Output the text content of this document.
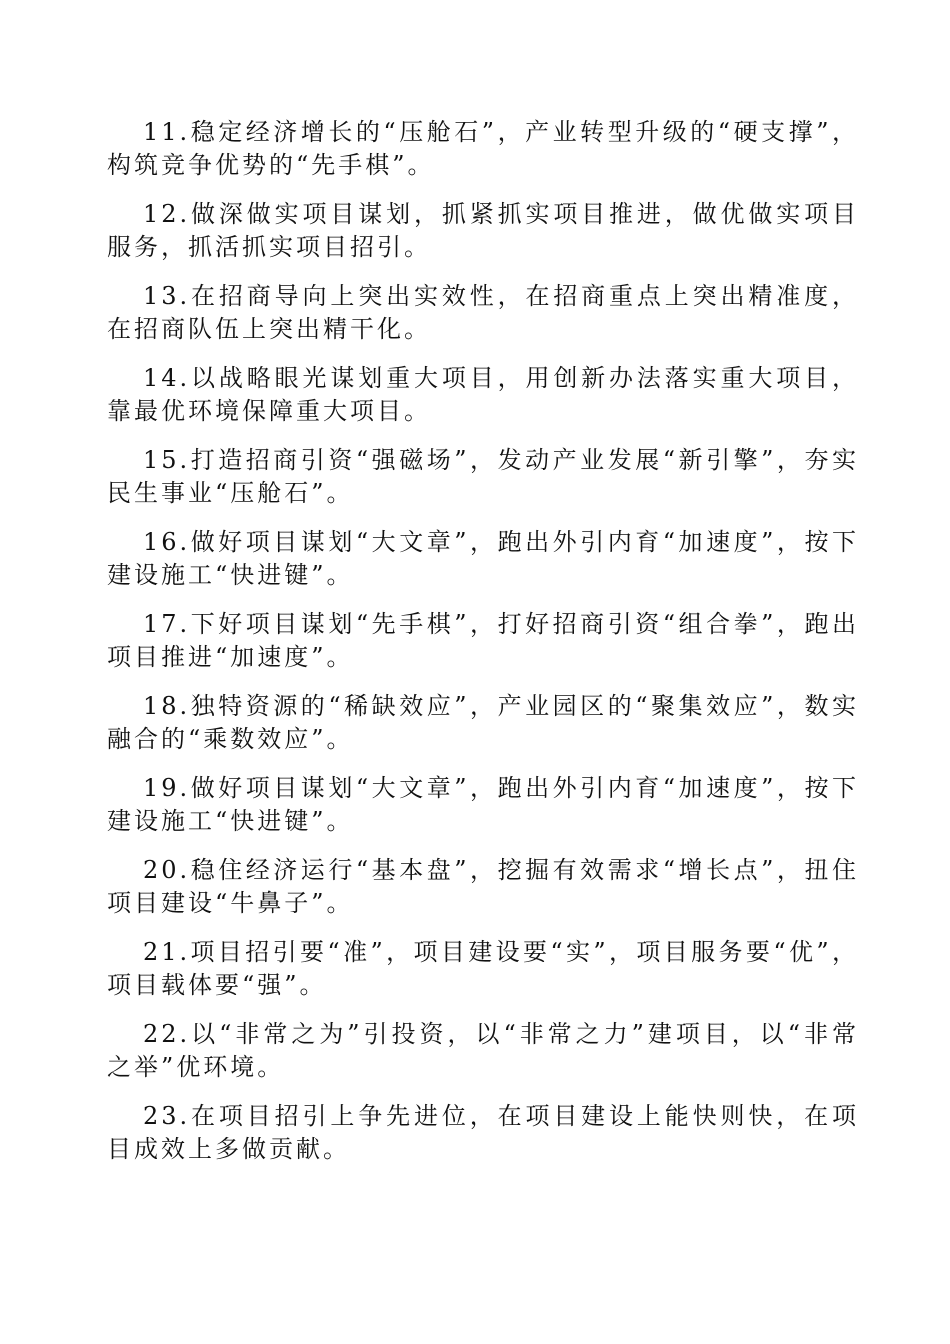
11.稳定经济增长的“压舱石”，产业转型升级的“硬支撑”，构筑竞争优势的“先手棋”。

12.做深做实项目谋划，抓紧抓实项目推进，做优做实项目服务，抓活抓实项目招引。

13.在招商导向上突出实效性，在招商重点上突出精准度，在招商队伍上突出精干化。

14.以战略眼光谋划重大项目，用创新办法落实重大项目，靠最优环境保障重大项目。

15.打造招商引资“强磁场”，发动产业发展“新引擎”，夯实民生事业“压舱石”。

16.做好项目谋划“大文章”，跑出外引内育“加速度”，按下建设施工“快进键”。

17.下好项目谋划“先手棋”，打好招商引资“组合拳”，跑出项目推进“加速度”。

18.独特资源的“稀缺效应”，产业园区的“聚集效应”，数实融合的“乘数效应”。

19.做好项目谋划“大文章”，跑出外引内育“加速度”，按下建设施工“快进键”。

20.稳住经济运行“基本盘”，挖掘有效需求“增长点”，扭住项目建设“牛鼻子”。

21.项目招引要“准”，项目建设要“实”，项目服务要“优”，项目载体要“强”。

22.以“非常之为”引投资，以“非常之力”建项目，以“非常之举”优环境。

23.在项目招引上争先进位，在项目建设上能快则快，在项目成效上多做贡献。
